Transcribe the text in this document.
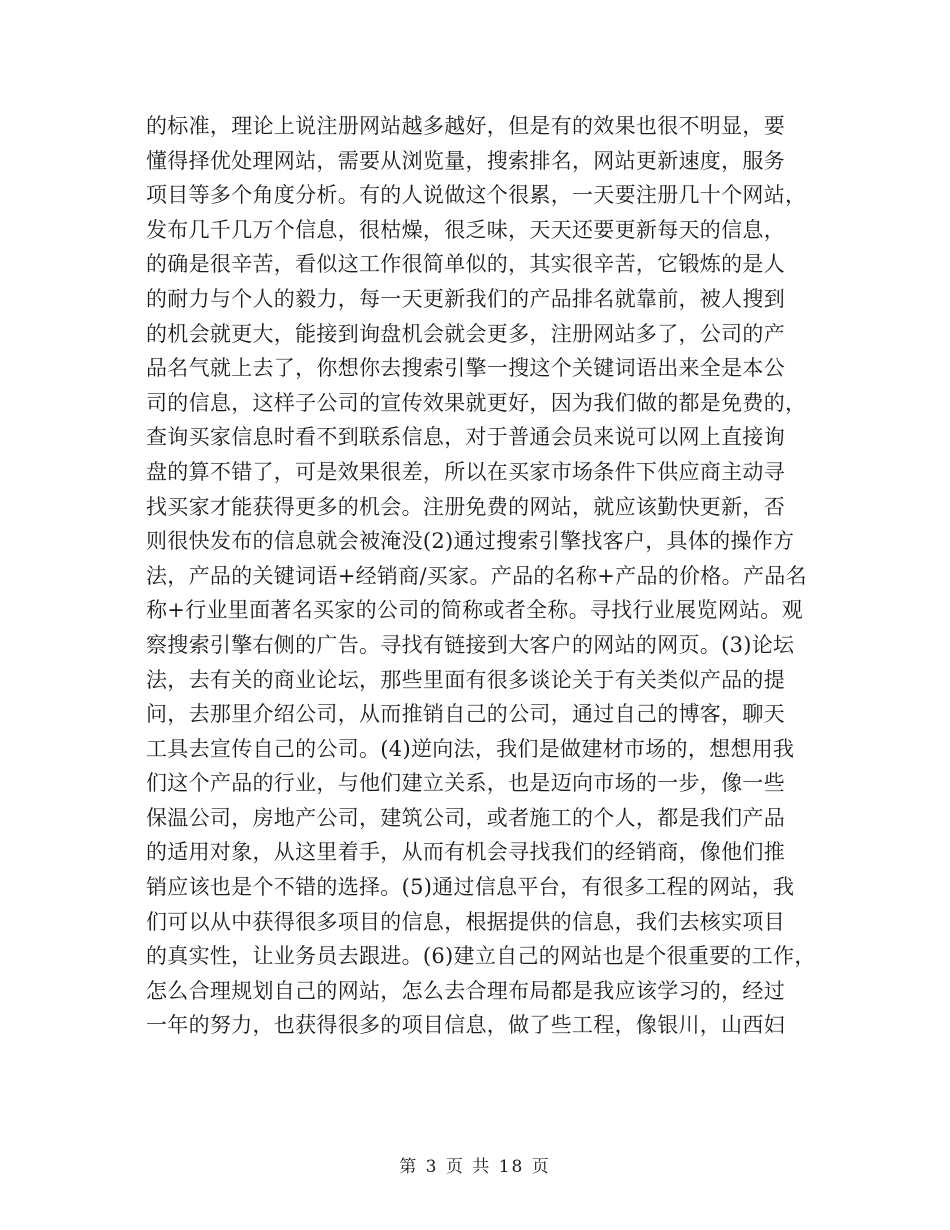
的标准，理论上说注册网站越多越好，但是有的效果也很不明显，要
懂得择优处理网站，需要从浏览量，搜索排名，网站更新速度，服务
项目等多个角度分析。有的人说做这个很累，一天要注册几十个网站，
发布几千几万个信息，很枯燥，很乏味，天天还要更新每天的信息，
的确是很辛苦，看似这工作很简单似的，其实很辛苦，它锻炼的是人
的耐力与个人的毅力，每一天更新我们的产品排名就靠前，被人搜到
的机会就更大，能接到询盘机会就会更多，注册网站多了，公司的产
品名气就上去了，你想你去搜索引擎一搜这个关键词语出来全是本公
司的信息，这样子公司的宣传效果就更好，因为我们做的都是免费的，
查询买家信息时看不到联系信息，对于普通会员来说可以网上直接询
盘的算不错了，可是效果很差，所以在买家市场条件下供应商主动寻
找买家才能获得更多的机会。注册免费的网站，就应该勤快更新，否
则很快发布的信息就会被淹没(2)通过搜索引擎找客户，具体的操作方
法，产品的关键词语+经销商/买家。产品的名称+产品的价格。产品名
称+行业里面著名买家的公司的简称或者全称。寻找行业展览网站。观
察搜索引擎右侧的广告。寻找有链接到大客户的网站的网页。(3)论坛
法，去有关的商业论坛，那些里面有很多谈论关于有关类似产品的提
问，去那里介绍公司，从而推销自己的公司，通过自己的博客，聊天
工具去宣传自己的公司。(4)逆向法，我们是做建材市场的，想想用我
们这个产品的行业，与他们建立关系，也是迈向市场的一步，像一些
保温公司，房地产公司，建筑公司，或者施工的个人，都是我们产品
的适用对象，从这里着手，从而有机会寻找我们的经销商，像他们推
销应该也是个不错的选择。(5)通过信息平台，有很多工程的网站，我
们可以从中获得很多项目的信息，根据提供的信息，我们去核实项目
的真实性，让业务员去跟进。(6)建立自己的网站也是个很重要的工作，
怎么合理规划自己的网站，怎么去合理布局都是我应该学习的，经过
一年的努力，也获得很多的项目信息，做了些工程，像银川，山西妇
第 3 页 共 18 页
